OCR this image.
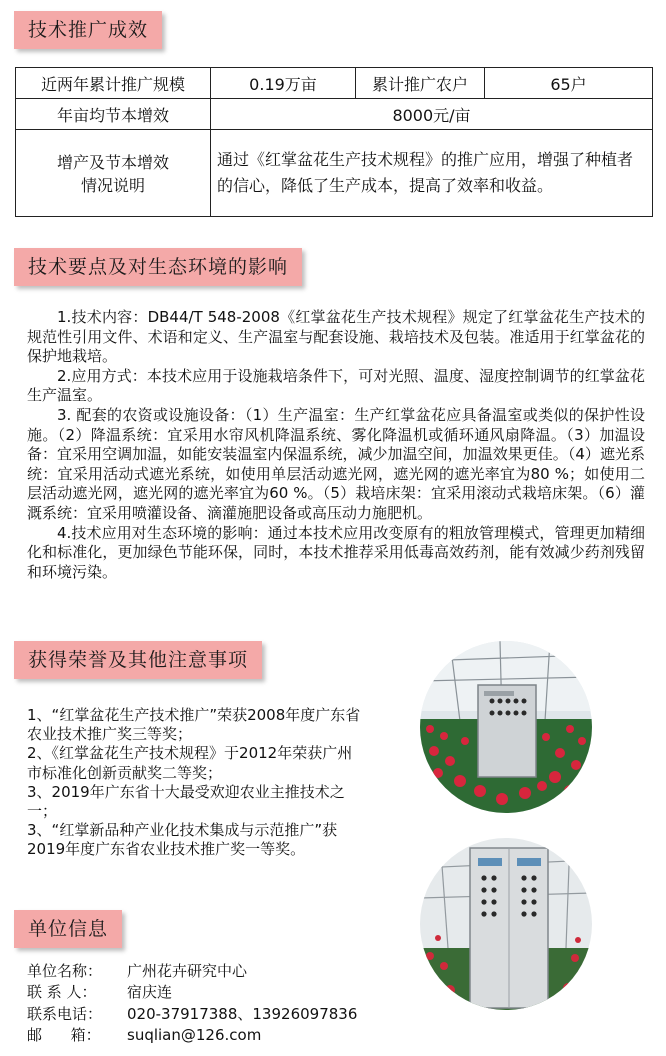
技术推广成效
近两年累计推广规模	0.19万亩	累计推广农户	65户
年亩均节本增效	8000元/亩		

增产及节本增效
情况说明	通过《红掌盆花生产技术规程》的推广应用，增强了种植者的信心，降低了生产成本，提高了效率和收益。		
技术要点及对生态环境的影响

1.技术内容：DB44/T 548-2008《红掌盆花生产技术规程》规定了红掌盆花生产技术的规范性引用文件、术语和定义、生产温室与配套设施、栽培技术及包装。准适用于红掌盆花的保护地栽培。

2.应用方式：本技术应用于设施栽培条件下，可对光照、温度、湿度控制调节的红掌盆花生产温室。

3. 配套的农资或设施设备：（1）生产温室：生产红掌盆花应具备温室或类似的保护性设施。（2）降温系统：宜采用水帘风机降温系统、雾化降温机或循环通风扇降温。（3）加温设备：宜采用空调加温，如能安装温室内保温系统，减少加温空间，加温效果更佳。（4）遮光系统：宜采用活动式遮光系统，如使用单层活动遮光网，遮光网的遮光率宜为80 %；如使用二层活动遮光网，遮光网的遮光率宜为60 %。（5）栽培床架：宜采用滚动式栽培床架。（6）灌溉系统：宜采用喷灌设备、滴灌施肥设备或高压动力施肥机。

4.技术应用对生态环境的影响：通过本技术应用改变原有的粗放管理模式，管理更加精细化和标准化，更加绿色节能环保，同时，本技术推荐采用低毒高效药剂，能有效减少药剂残留和环境污染。

获得荣誉及其他注意事项
1、“红掌盆花生产技术推广”荣获2008年度广东省农业技术推广奖三等奖；
2、《红掌盆花生产技术规程》于2012年荣获广州市标准化创新贡献奖二等奖；
3、2019年广东省十大最受欢迎农业主推技术之一；
3、“红掌新品种产业化技术集成与示范推广”获2019年度广东省农业技术推广奖一等奖。
单位信息
单位名称：	广州花卉研究中心
联 系 人：	宿庆连
联系电话：	020-37917388、13926097836
邮      箱：	suqlian@126.com
